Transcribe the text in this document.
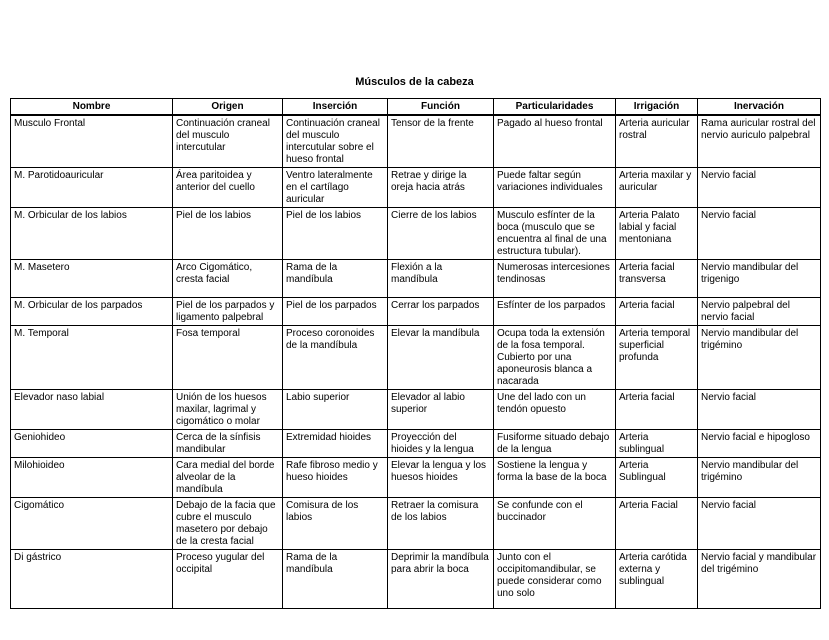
Músculos de la cabeza
Nombre	Origen	Inserción	Función	Particularidades	Irrigación	Inervación
Musculo Frontal	Continuación craneal del musculo intercutular	Continuación craneal del musculo intercutular sobre el hueso frontal	Tensor de la frente	Pagado al hueso frontal	Arteria auricular rostral	Rama auricular rostral del nervio auriculo palpebral
M. Parotidoauricular	Área paritoidea y anterior del cuello	Ventro lateralmente en el cartílago auricular	Retrae y dirige la oreja hacia atrás	Puede faltar según variaciones individuales	Arteria maxilar y auricular	Nervio facial
M. Orbicular de los labios	Piel de los labios	Piel de los labios	Cierre de los labios	Musculo esfínter de la boca (musculo que se encuentra al final de una estructura tubular).	Arteria Palato labial y facial mentoniana	Nervio facial
M. Masetero	Arco Cigomático, cresta facial	Rama de la mandíbula	Flexión a la mandíbula	Numerosas intercesiones tendinosas	Arteria facial transversa	Nervio mandibular del trigenigo
M. Orbicular de los parpados	Piel de los parpados y ligamento palpebral	Piel de los parpados	Cerrar los parpados	Esfínter de los parpados	Arteria facial	Nervio palpebral del nervio facial
M. Temporal	Fosa temporal	Proceso coronoides de la mandíbula	Elevar la mandíbula	Ocupa toda la extensión de la fosa temporal. Cubierto por una aponeurosis blanca a nacarada	Arteria temporal superficial profunda	Nervio mandibular del trigémino
Elevador naso labial	Unión de los huesos maxilar, lagrimal y cigomático o molar	Labio superior	Elevador al labio superior	Une del lado con un tendón opuesto	Arteria facial	Nervio facial
Geniohideo	Cerca de la sínfisis mandibular	Extremidad hioides	Proyección del hioides y la lengua	Fusiforme situado debajo de la lengua	Arteria sublingual	Nervio facial e hipogloso
Milohioideo	Cara medial del borde alveolar de la mandíbula	Rafe fibroso medio y hueso hioides	Elevar la lengua y los huesos hioides	Sostiene la lengua y forma la base de la boca	Arteria Sublingual	Nervio mandibular del trigémino
Cigomático	Debajo de la facia que cubre el musculo masetero por debajo de la cresta facial	Comisura de los labios	Retraer la comisura de los labios	Se confunde con el buccinador	Arteria Facial	Nervio facial
Di gástrico	Proceso yugular del occipital	Rama de la mandíbula	Deprimir la mandíbula para abrir la boca	Junto con el occipitomandibular, se puede considerar como uno solo	Arteria carótida externa y sublingual	Nervio facial y mandibular del trigémino
